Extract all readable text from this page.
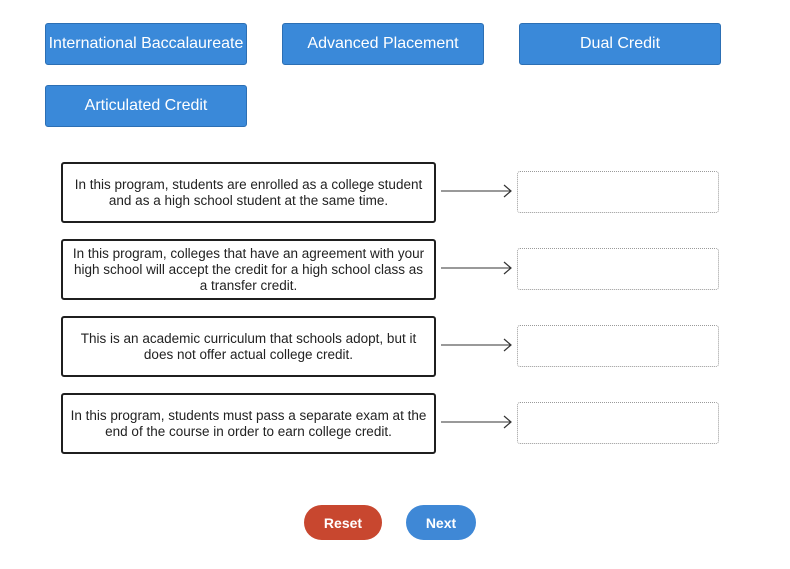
International Baccalaureate	Advanced Placement	Dual Credit
Articulated Credit
In this program, students are enrolled as a college student and as a high school student at the same time.
In this program, colleges that have an agreement with your high school will accept the credit for a high school class as a transfer credit.
This is an academic curriculum that schools adopt, but it does not offer actual college credit.
In this program, students must pass a separate exam at the end of the course in order to earn college credit.
Reset	Next
